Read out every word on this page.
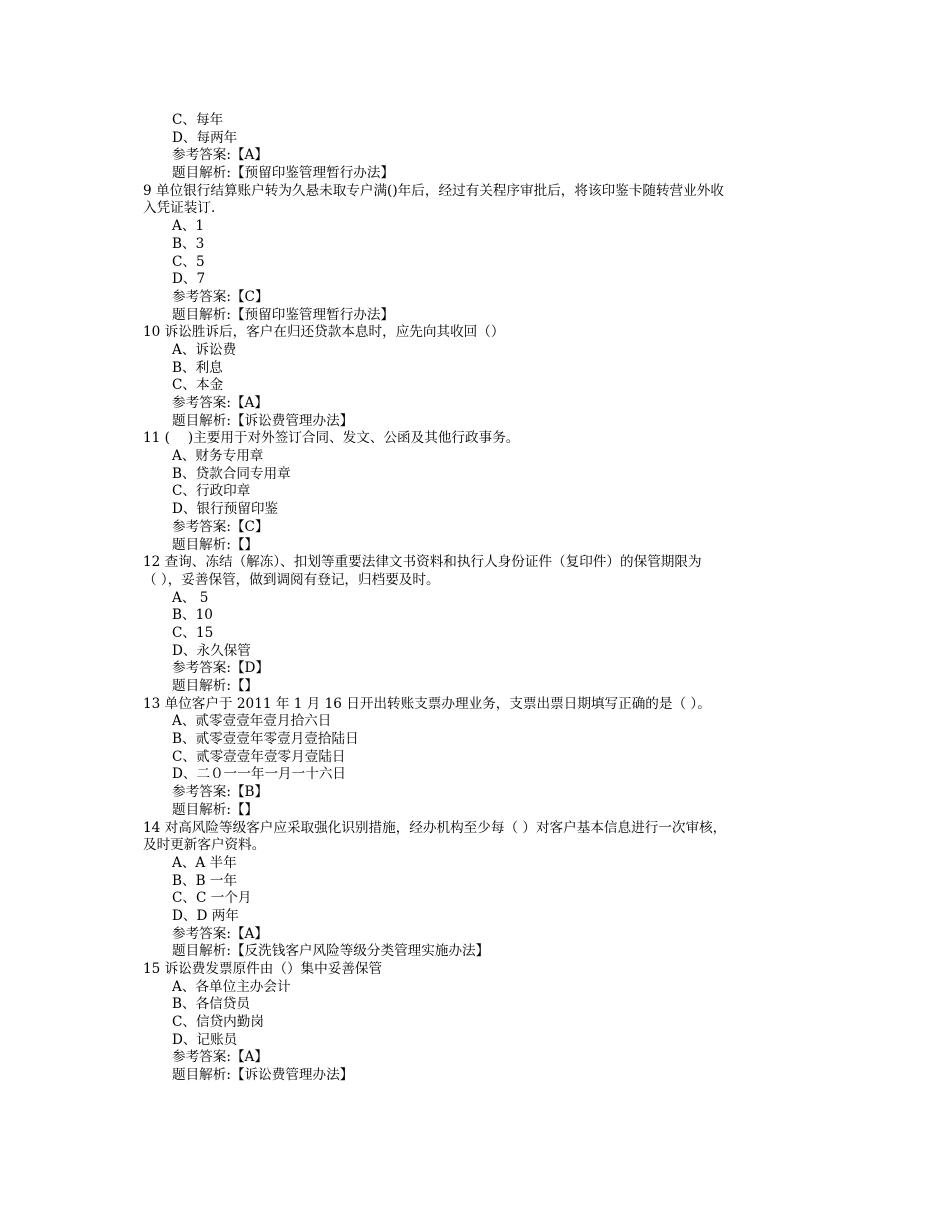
C、每年
D、每两年
参考答案:【A】
题目解析:【预留印鉴管理暂行办法】
9 单位银行结算账户转为久悬未取专户满()年后，经过有关程序审批后，将该印鉴卡随转营业外收
入凭证装订.
A、1
B、3
C、5
D、7
参考答案:【C】
题目解析:【预留印鉴管理暂行办法】
10 诉讼胜诉后，客户在归还贷款本息时，应先向其收回（）
A、诉讼费
B、利息
C、本金
参考答案:【A】
题目解析:【诉讼费管理办法】
11 (　 )主要用于对外签订合同、发文、公函及其他行政事务。
A、财务专用章
B、贷款合同专用章
C、行政印章
D、银行预留印鉴
参考答案:【C】
题目解析:【】
12 查询、冻结（解冻）、扣划等重要法律文书资料和执行人身份证件（复印件）的保管期限为
（ ），妥善保管，做到调阅有登记，归档要及时。
A、 5
B、10
C、15
D、永久保管
参考答案:【D】
题目解析:【】
13 单位客户于 2011 年 1 月 16 日开出转账支票办理业务，支票出票日期填写正确的是（ ）。
A、贰零壹壹年壹月拾六日
B、贰零壹壹年零壹月壹拾陆日
C、贰零壹壹年壹零月壹陆日
D、二０一一年一月一十六日
参考答案:【B】
题目解析:【】
14 对高风险等级客户应采取强化识别措施，经办机构至少每（ ）对客户基本信息进行一次审核，
及时更新客户资料。
A、A 半年
B、B 一年
C、C 一个月
D、D 两年
参考答案:【A】
题目解析:【反洗钱客户风险等级分类管理实施办法】
15 诉讼费发票原件由（）集中妥善保管
A、各单位主办会计
B、各信贷员
C、信贷内勤岗
D、记账员
参考答案:【A】
题目解析:【诉讼费管理办法】
